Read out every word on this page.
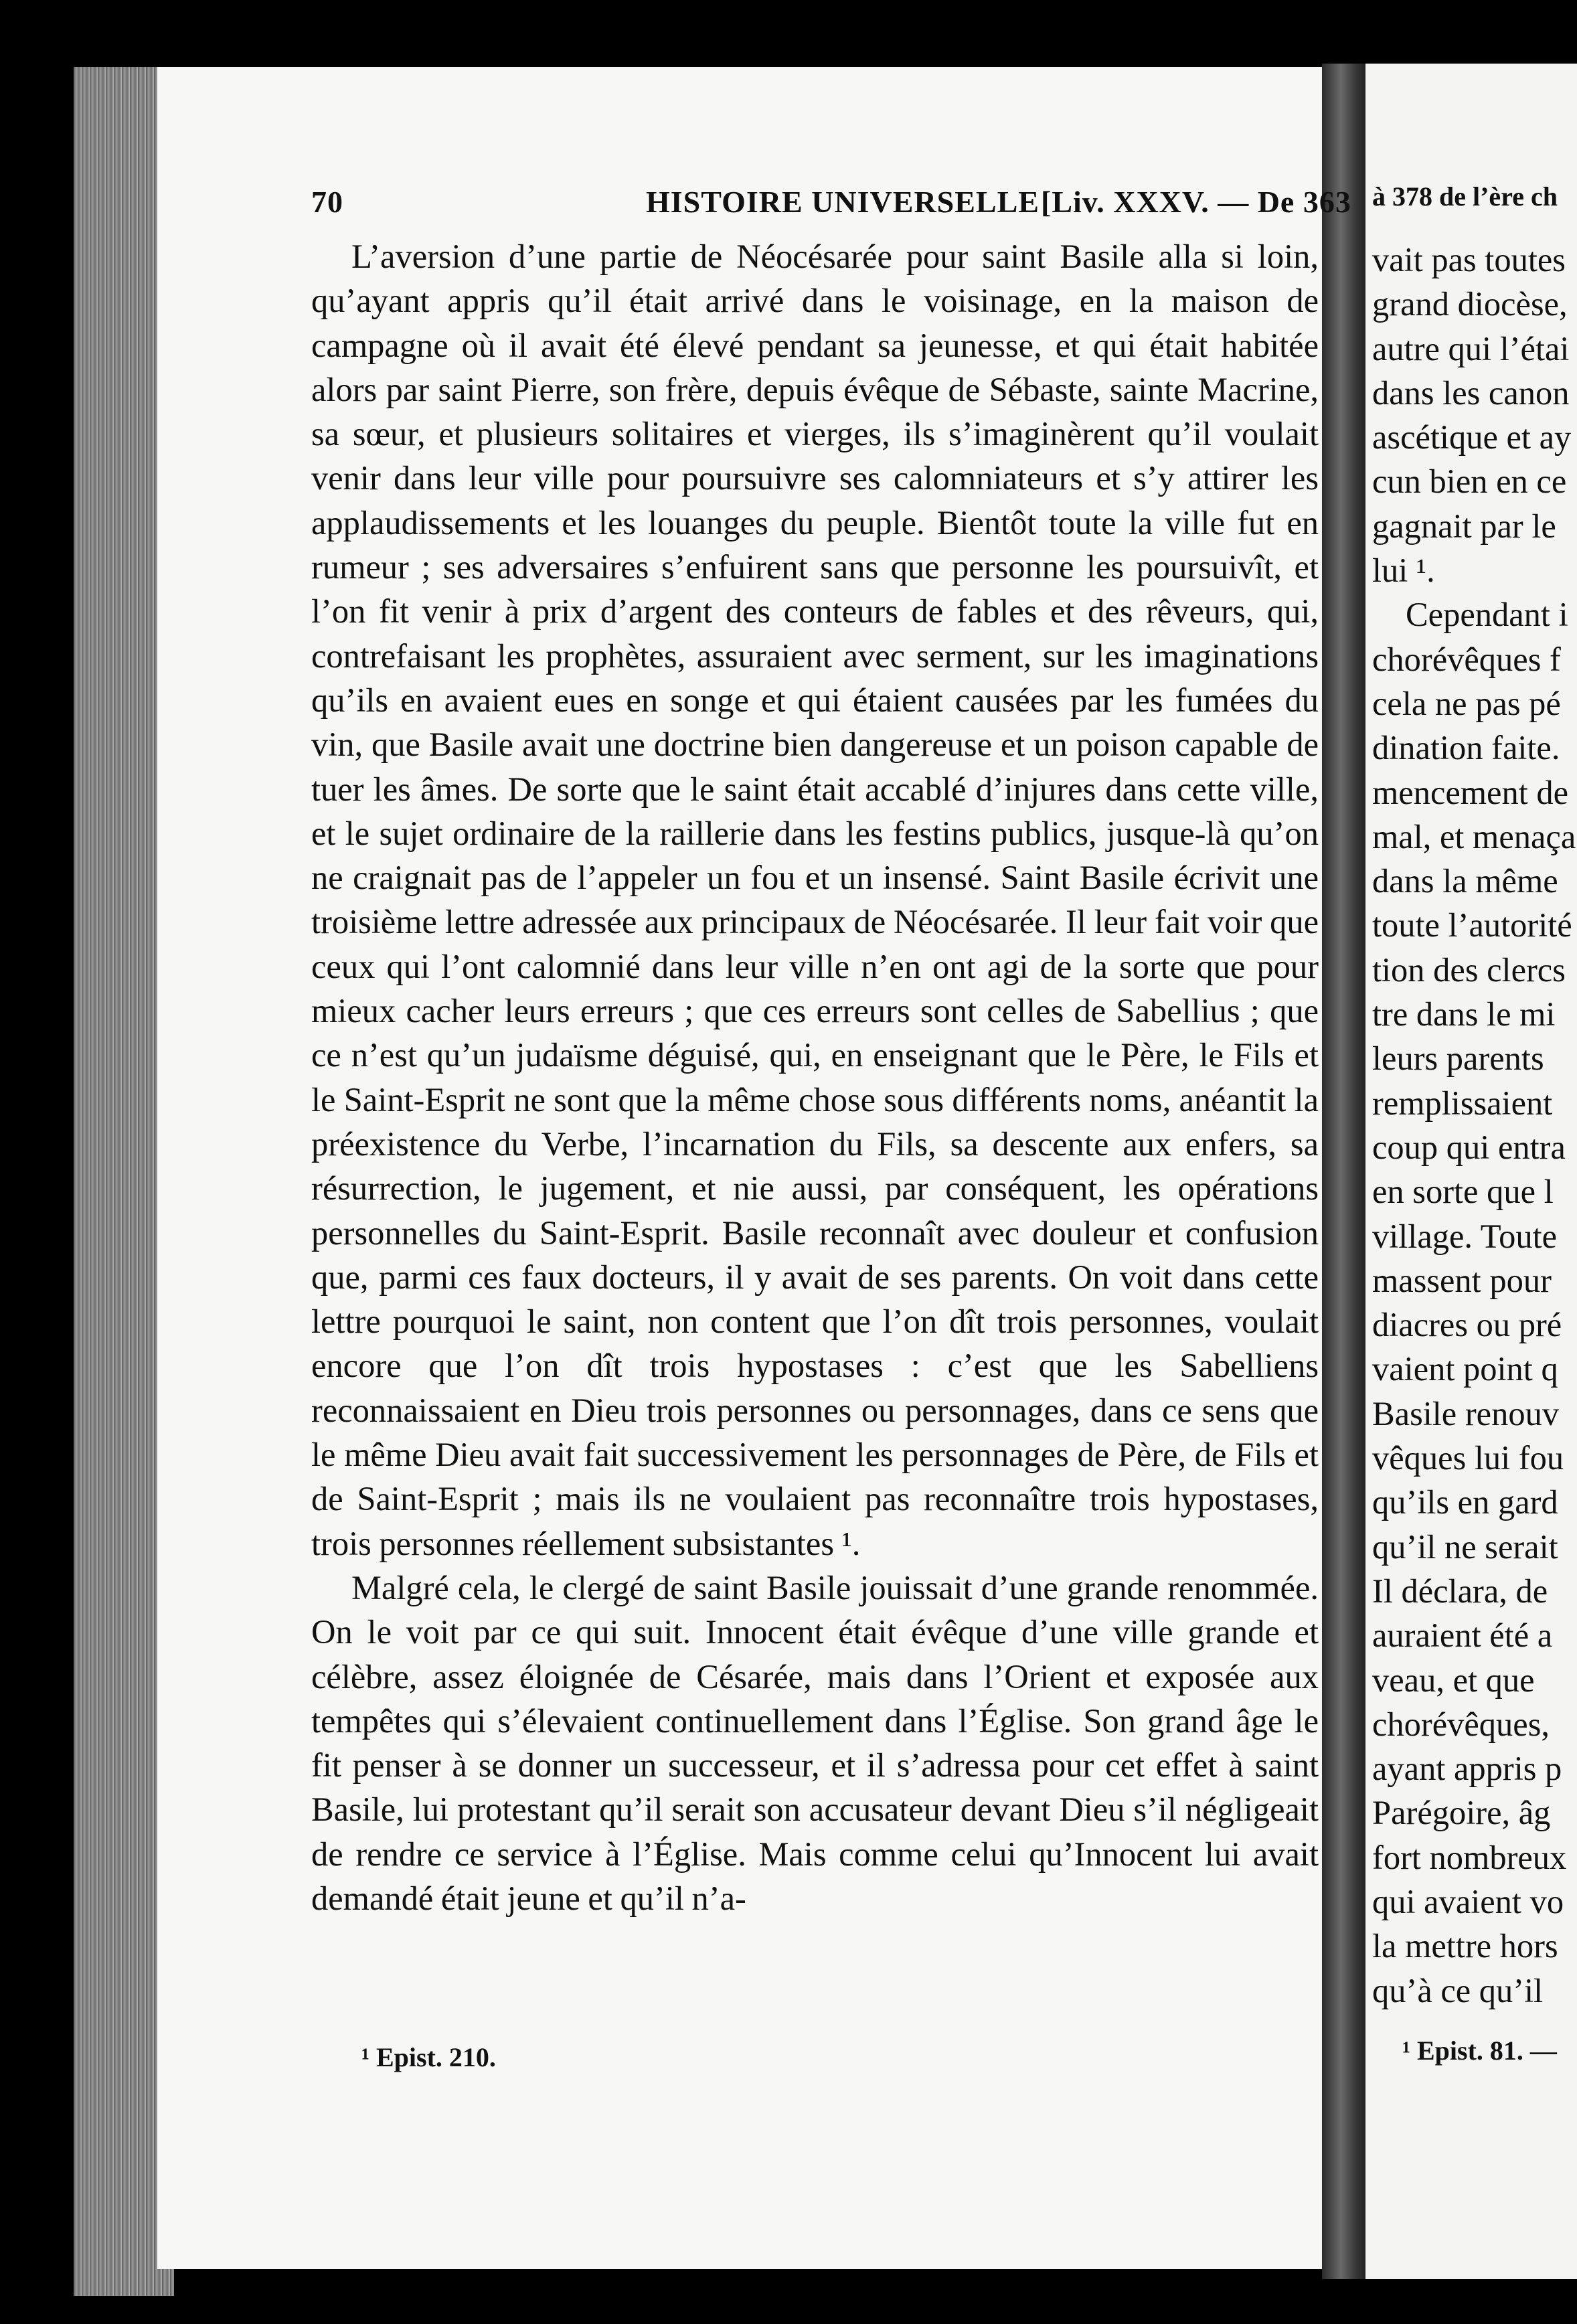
70	HISTOIRE UNIVERSELLE [Liv. XXXV. — De 363

L’aversion d’une partie de Néocésarée pour saint Basile alla si loin, qu’ayant appris qu’il était arrivé dans le voisinage, en la maison de campagne où il avait été élevé pendant sa jeunesse, et qui était habitée alors par saint Pierre, son frère, depuis évêque de Sébaste, sainte Macrine, sa sœur, et plusieurs solitaires et vierges, ils s’imaginèrent qu’il voulait venir dans leur ville pour poursuivre ses calomniateurs et s’y attirer les applaudissements et les louanges du peuple. Bientôt toute la ville fut en rumeur ; ses adversaires s’enfuirent sans que personne les poursuivît, et l’on fit venir à prix d’argent des conteurs de fables et des rêveurs, qui, contrefaisant les prophètes, assuraient avec serment, sur les imaginations qu’ils en avaient eues en songe et qui étaient causées par les fumées du vin, que Basile avait une doctrine bien dangereuse et un poison capable de tuer les âmes. De sorte que le saint était accablé d’injures dans cette ville, et le sujet ordinaire de la raillerie dans les festins publics, jusque-là qu’on ne craignait pas de l’appeler un fou et un insensé. Saint Basile écrivit une troisième lettre adressée aux principaux de Néocésarée. Il leur fait voir que ceux qui l’ont calomnié dans leur ville n’en ont agi de la sorte que pour mieux cacher leurs erreurs ; que ces erreurs sont celles de Sabellius ; que ce n’est qu’un judaïsme déguisé, qui, en enseignant que le Père, le Fils et le Saint-Esprit ne sont que la même chose sous différents noms, anéantit la préexistence du Verbe, l’incarnation du Fils, sa descente aux enfers, sa résurrection, le jugement, et nie aussi, par conséquent, les opérations personnelles du Saint-Esprit. Basile reconnaît avec douleur et confusion que, parmi ces faux docteurs, il y avait de ses parents. On voit dans cette lettre pourquoi le saint, non content que l’on dît trois personnes, voulait encore que l’on dît trois hypostases : c’est que les Sabelliens reconnaissaient en Dieu trois personnes ou personnages, dans ce sens que le même Dieu avait fait successivement les personnages de Père, de Fils et de Saint-Esprit ; mais ils ne voulaient pas reconnaître trois hypostases, trois personnes réellement subsistantes ¹.

Malgré cela, le clergé de saint Basile jouissait d’une grande renommée. On le voit par ce qui suit. Innocent était évêque d’une ville grande et célèbre, assez éloignée de Césarée, mais dans l’Orient et exposée aux tempêtes qui s’élevaient continuellement dans l’Église. Son grand âge le fit penser à se donner un successeur, et il s’adressa pour cet effet à saint Basile, lui protestant qu’il serait son accusateur devant Dieu s’il négligeait de rendre ce service à l’Église. Mais comme celui qu’Innocent lui avait demandé était jeune et qu’il n’a-

¹ Epist. 210.
à 378 de l’ère ch
vait pas toutes
grand diocèse,
autre qui l’étai
dans les canon
ascétique et ay
cun bien en ce
gagnait par le
lui ¹.
Cependant i
chorévêques f
cela ne pas pé
dination faite.
mencement de
mal, et menaça
dans la même
toute l’autorité
tion des clercs
tre dans le mi
leurs parents
remplissaient
coup qui entra
en sorte que l
village. Toute
massent pour
diacres ou pré
vaient point q
Basile renouv
vêques lui fou
qu’ils en gard
qu’il ne serait
Il déclara, de
auraient été a
veau, et que
chorévêques,
ayant appris p
Parégoire, âg
fort nombreux
qui avaient vo
la mettre hors
qu’à ce qu’il
¹ Epist. 81. —
